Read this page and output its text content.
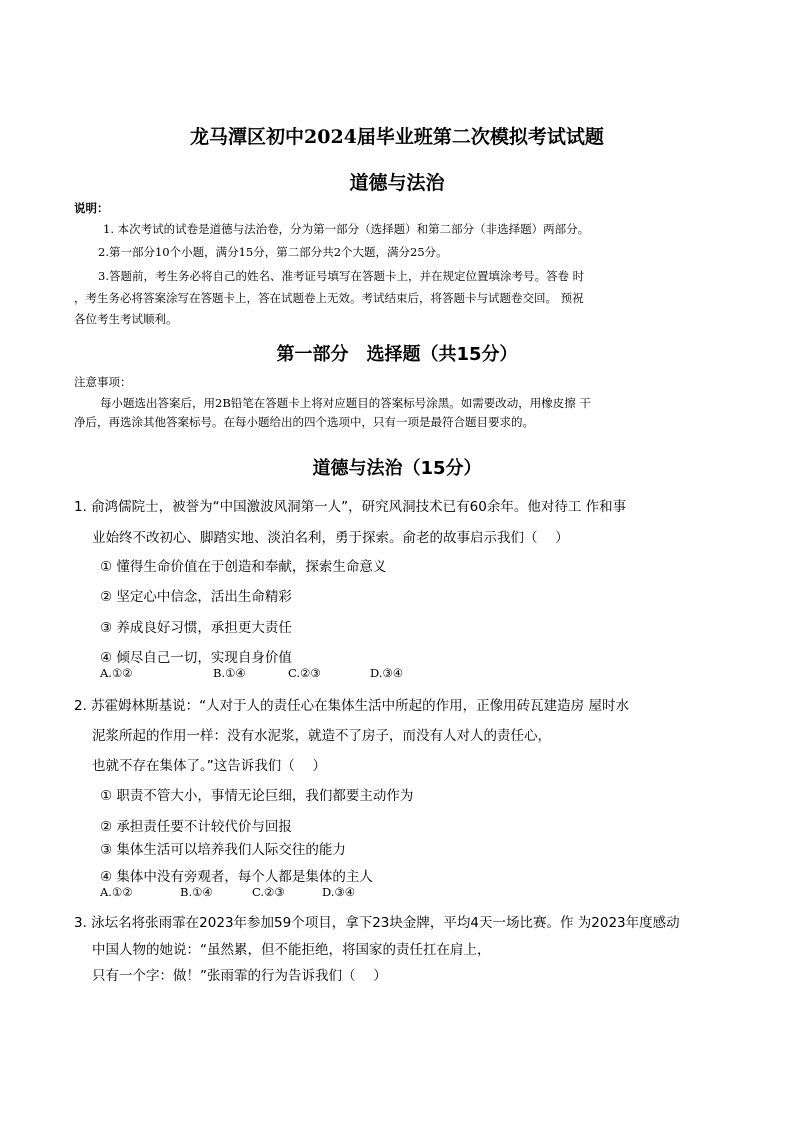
龙马潭区初中2024届毕业班第二次模拟考试试题
道德与法治
说明：
1. 本次考试的试卷是道德与法治卷，分为第一部分（选择题）和第二部分（非选择题）两部分。
2.第一部分10个小题，满分15分，第二部分共2个大题，满分25分。
3.答题前，考生务必将自己的姓名、准考证号填写在答题卡上，并在规定位置填涂考号。答卷 时
，考生务必将答案涂写在答题卡上，答在试题卷上无效。考试结束后，将答题卡与试题卷交回。 预祝
各位考生考试顺利。
第一部分　选择题（共15分）
注意事项：
每小题选出答案后，用2B铅笔在答题卡上将对应题目的答案标号涂黑。如需要改动，用橡皮擦 干
净后，再选涂其他答案标号。在每小题给出的四个选项中，只有一项是最符合题目要求的。
道德与法治（15分）
1. 俞鸿儒院士，被誉为“中国激波风洞第一人”，研究风洞技术已有60余年。他对待工 作和事
业始终不改初心、脚踏实地、淡泊名利，勇于探索。俞老的故事启示我们（　 ）
① 懂得生命价值在于创造和奉献，探索生命意义
② 坚定心中信念，活出生命精彩
③ 养成良好习惯，承担更大责任
④ 倾尽自己一切，实现自身价值
A.①②	B.①④	C.②③	D.③④
2. 苏霍姆林斯基说：“人对于人的责任心在集体生活中所起的作用，正像用砖瓦建造房 屋时水
泥浆所起的作用一样：没有水泥浆，就造不了房子，而没有人对人的责任心，
也就不存在集体了。”这告诉我们（　 ）
① 职责不管大小，事情无论巨细，我们都要主动作为
② 承担责任要不计较代价与回报
③ 集体生活可以培养我们人际交往的能力
④ 集体中没有旁观者，每个人都是集体的主人
A.①②	B.①④	C.②③	D.③④
3. 泳坛名将张雨霏在2023年参加59个项目，拿下23块金牌，平均4天一场比赛。作 为2023年度感动
中国人物的她说：“虽然累，但不能拒绝，将国家的责任扛在肩上，
只有一个字：做！”张雨霏的行为告诉我们（　 ）
